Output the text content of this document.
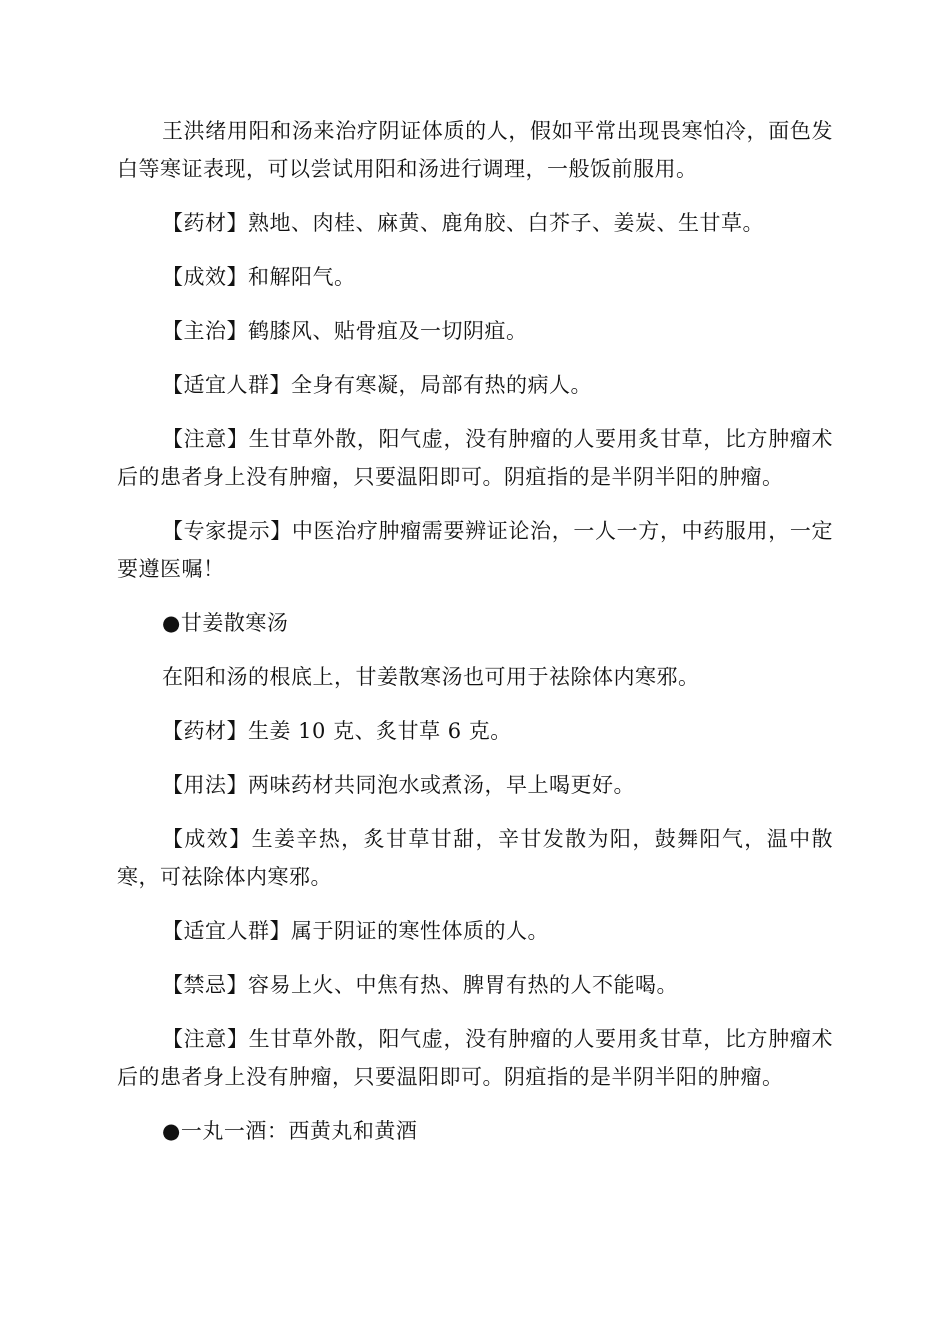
王洪绪用阳和汤来治疗阴证体质的人，假如平常出现畏寒怕冷，面色发白等寒证表现，可以尝试用阳和汤进行调理，一般饭前服用。

【药材】熟地、肉桂、麻黄、鹿角胶、白芥子、姜炭、生甘草。

【成效】和解阳气。

【主治】鹤膝风、贴骨疽及一切阴疽。

【适宜人群】全身有寒凝，局部有热的病人。

【注意】生甘草外散，阳气虚，没有肿瘤的人要用炙甘草，比方肿瘤术后的患者身上没有肿瘤，只要温阳即可。阴疽指的是半阴半阳的肿瘤。

【专家提示】中医治疗肿瘤需要辨证论治，一人一方，中药服用，一定要遵医嘱！

●甘姜散寒汤

在阳和汤的根底上，甘姜散寒汤也可用于祛除体内寒邪。

【药材】生姜 10 克、炙甘草 6 克。

【用法】两味药材共同泡水或煮汤，早上喝更好。

【成效】生姜辛热，炙甘草甘甜，辛甘发散为阳，鼓舞阳气，温中散寒，可祛除体内寒邪。

【适宜人群】属于阴证的寒性体质的人。

【禁忌】容易上火、中焦有热、脾胃有热的人不能喝。

【注意】生甘草外散，阳气虚，没有肿瘤的人要用炙甘草，比方肿瘤术后的患者身上没有肿瘤，只要温阳即可。阴疽指的是半阴半阳的肿瘤。

●一丸一酒：西黄丸和黄酒
